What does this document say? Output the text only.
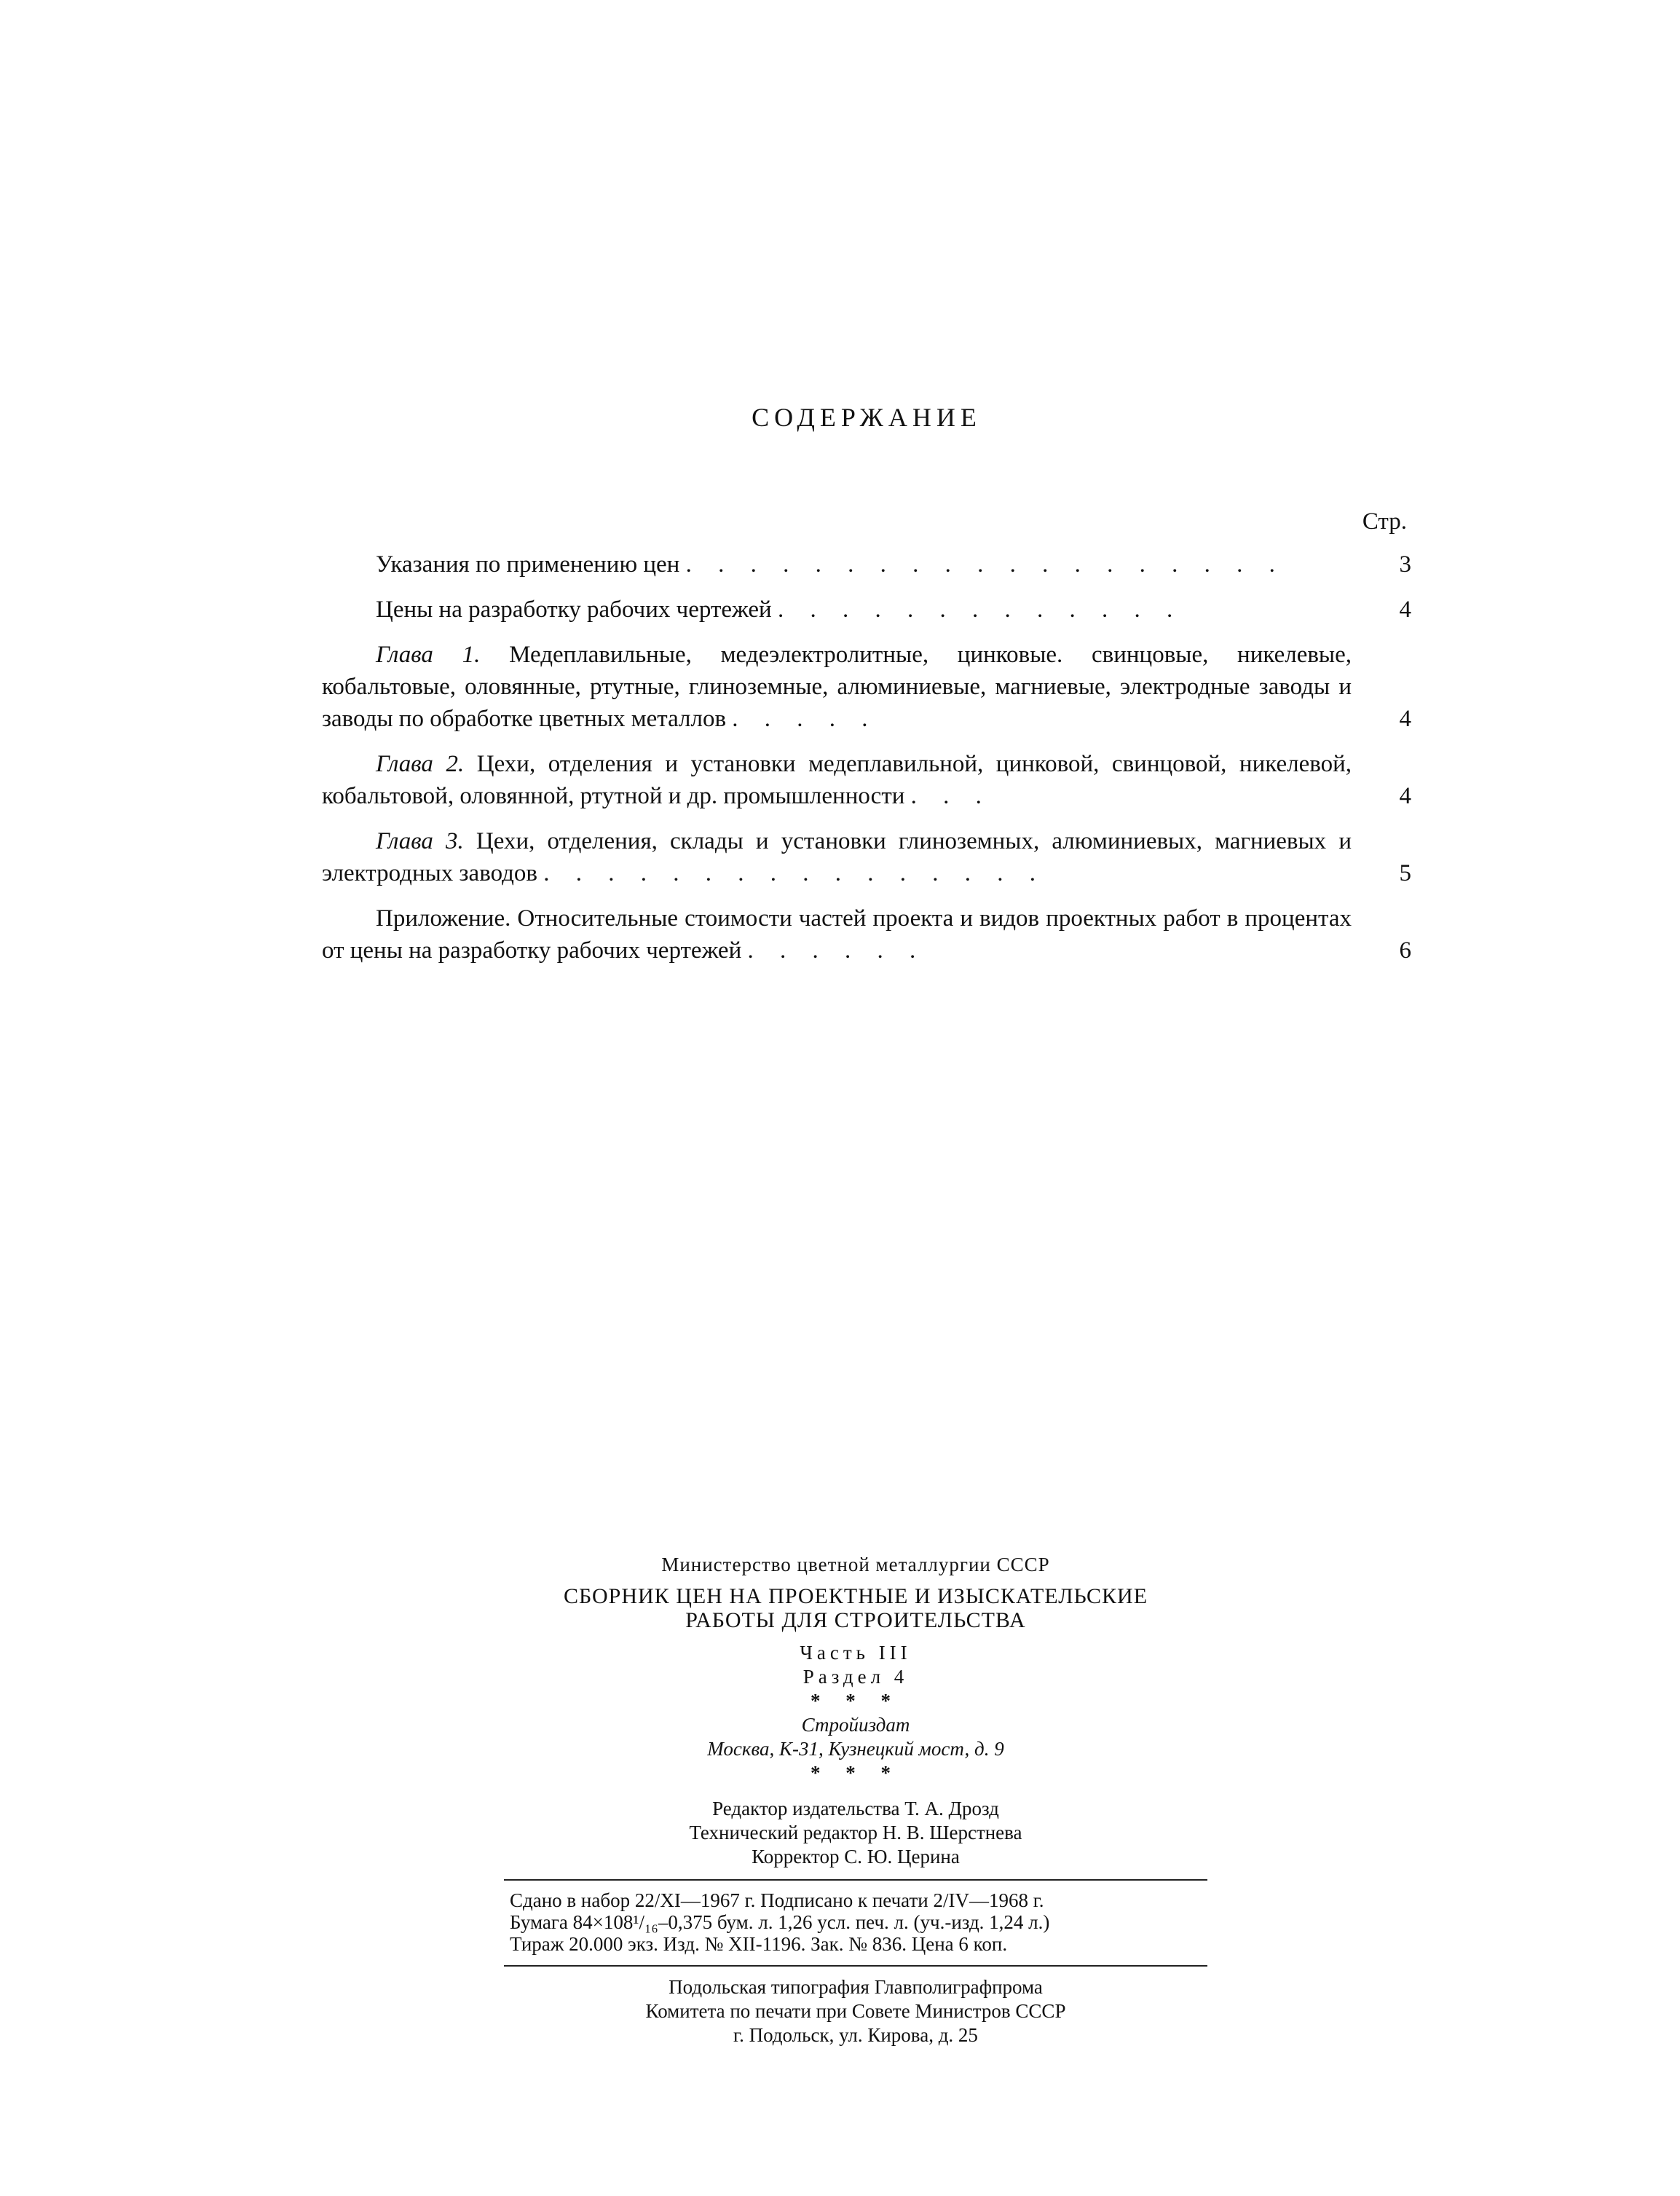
СОДЕРЖАНИЕ
Стр.
Указания по применению цен . . . . . . . . . . . . . . . . . . .	3
Цены на разработку рабочих чертежей . . . . . . . . . . . . .	4
Глава 1. Медеплавильные, медеэлектролитные, цинковые. свинцовые, никелевые, кобальтовые, оловянные, ртутные, глиноземные, алюминиевые, магниевые, электродные заводы и заводы по обработке цветных металлов . . . . .	4
Глава 2. Цехи, отделения и установки медеплавильной, цинковой, свинцовой, никелевой, кобальтовой, оловянной, ртутной и др. промышленности . . .	4
Глава 3. Цехи, отделения, склады и установки глиноземных, алюминиевых, магниевых и электродных заводов . . . . . . . . . . . . . . . .	5
Приложение. Относительные стоимости частей проекта и видов проектных работ в процентах от цены на разработку рабочих чертежей . . . . . .	6
Министерство цветной металлургии СССР
СБОРНИК ЦЕН НА ПРОЕКТНЫЕ И ИЗЫСКАТЕЛЬСКИЕ
РАБОТЫ ДЛЯ СТРОИТЕЛЬСТВА
Часть III
Раздел 4
* * *
Стройиздат
Москва, К-31, Кузнецкий мост, д. 9
* * *
Редактор издательства Т. А. Дрозд
Технический редактор Н. В. Шерстнева
Корректор С. Ю. Церина
Сдано в набор 22/XI—1967 г. Подписано к печати 2/IV—1968 г.
Бумага 84×108¹/₁₆–0,375 бум. л. 1,26 усл. печ. л. (уч.-изд. 1,24 л.)
Тираж 20.000 экз. Изд. № XII-1196. Зак. № 836. Цена 6 коп.
Подольская типография Главполиграфпрома
Комитета по печати при Совете Министров СССР
г. Подольск, ул. Кирова, д. 25
